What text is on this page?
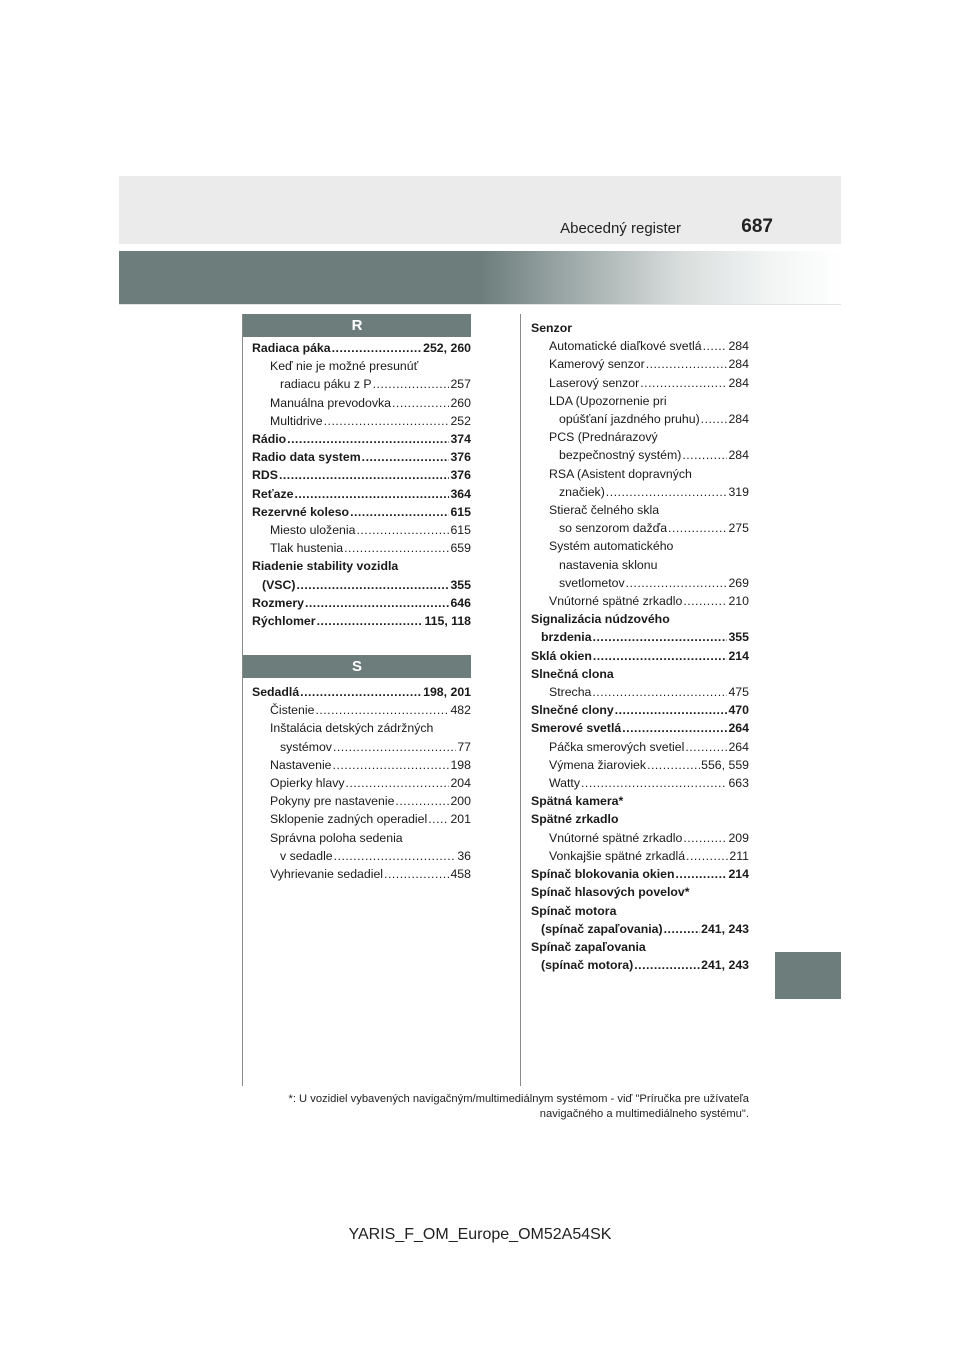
Abecedný register	687
R
S
Radiaca páka .....	252, 260
Keď nie je možné presunúť
radiacu páku z P .....	257
Manuálna prevodovka .....	260
Multidrive .....	252
Rádio .....	374
Radio data system .....	376
RDS .....	376
Reťaze .....	364
Rezervné koleso .....	615
Miesto uloženia .....	615
Tlak hustenia .....	659
Riadenie stability vozidla
(VSC) .....	355
Rozmery .....	646
Rýchlomer .....	115, 118
Sedadlá .....	198, 201
Čistenie .....	482
Inštalácia detských zádržných
systémov .....	77
Nastavenie .....	198
Opierky hlavy .....	204
Pokyny pre nastavenie .....	200
Sklopenie zadných operadiel ..... 201
Správna poloha sedenia
v sedadle .....	36
Vyhrievanie sedadiel .....	458
Senzor
Automatické diaľkové svetlá ..... 284
Kamerový senzor .....	284
Laserový senzor .....	284
LDA (Upozornenie pri
opúšťaní jazdného pruhu) ..... 284
PCS (Prednárazový
bezpečnostný systém) .....	284
RSA (Asistent dopravných
značiek) .....	319
Stierač čelného skla
so senzorom dažďa .....	275
Systém automatického
nastavenia sklonu
svetlometov .....	269
Vnútorné spätné zrkadlo .....	210
Signalizácia núdzového
brzdenia .....	355
Sklá okien .....	214
Slnečná clona
Strecha .....	475
Slnečné clony .....	470
Smerové svetlá .....	264
Páčka smerových svetiel .....	264
Výmena žiaroviek .....	556, 559
Watty .....	663
Spätná kamera*
Spätné zrkadlo
Vnútorné spätné zrkadlo .....	209
Vonkajšie spätné zrkadlá .....	211
Spínač blokovania okien .....	214
Spínač hlasových povelov*
Spínač motora
(spínač zapaľovania) .....	241, 243
Spínač zapaľovania
(spínač motora) .....	241, 243
*: U vozidiel vybavených navigačným/multimediálnym systémom - viď "Príručka pre užívateľa
navigačného a multimediálneho systému".
YARIS_F_OM_Europe_OM52A54SK
